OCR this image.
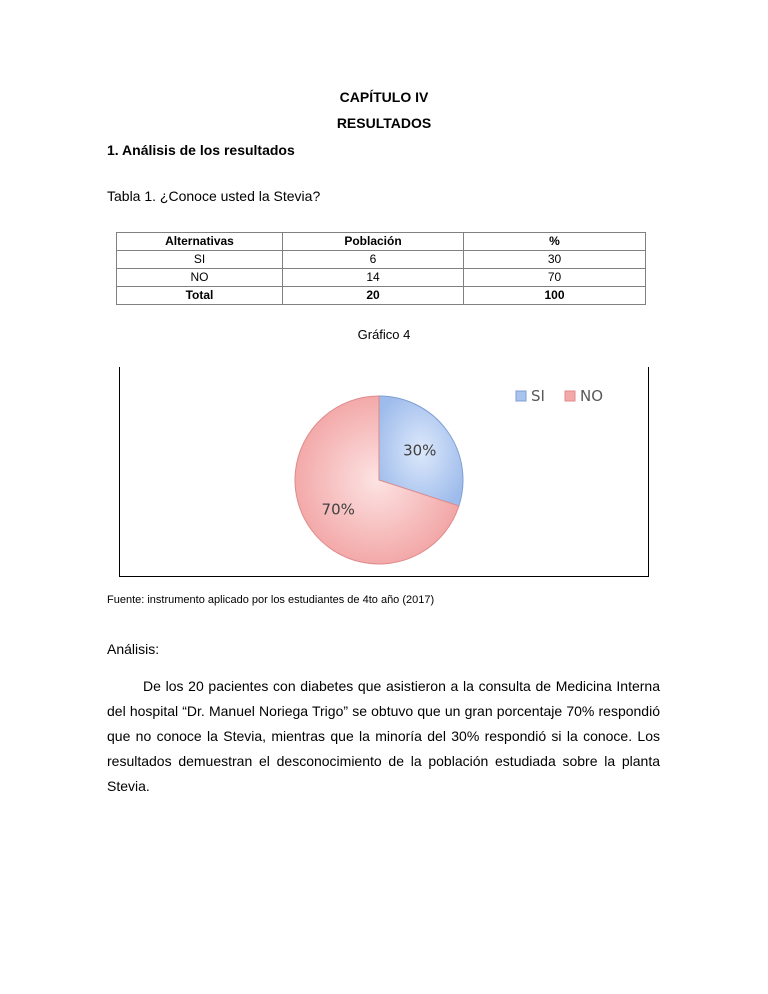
CAPÍTULO IV
RESULTADOS
1. Análisis de los resultados
Tabla 1. ¿Conoce usted la Stevia?
Alternativas	Población	%
SI	6	30
NO	14	70
Total	20	100
Gráfico 4
30%
70%
SI NO
Fuente: instrumento aplicado por los estudiantes de 4to año (2017)
Análisis:
De los 20 pacientes con diabetes que asistieron a la consulta de Medicina Interna del hospital “Dr. Manuel Noriega Trigo” se obtuvo que un gran porcentaje 70% respondió que no conoce la Stevia, mientras que la minoría del 30% respondió si la conoce. Los resultados demuestran el desconocimiento de la población estudiada sobre la planta Stevia.
